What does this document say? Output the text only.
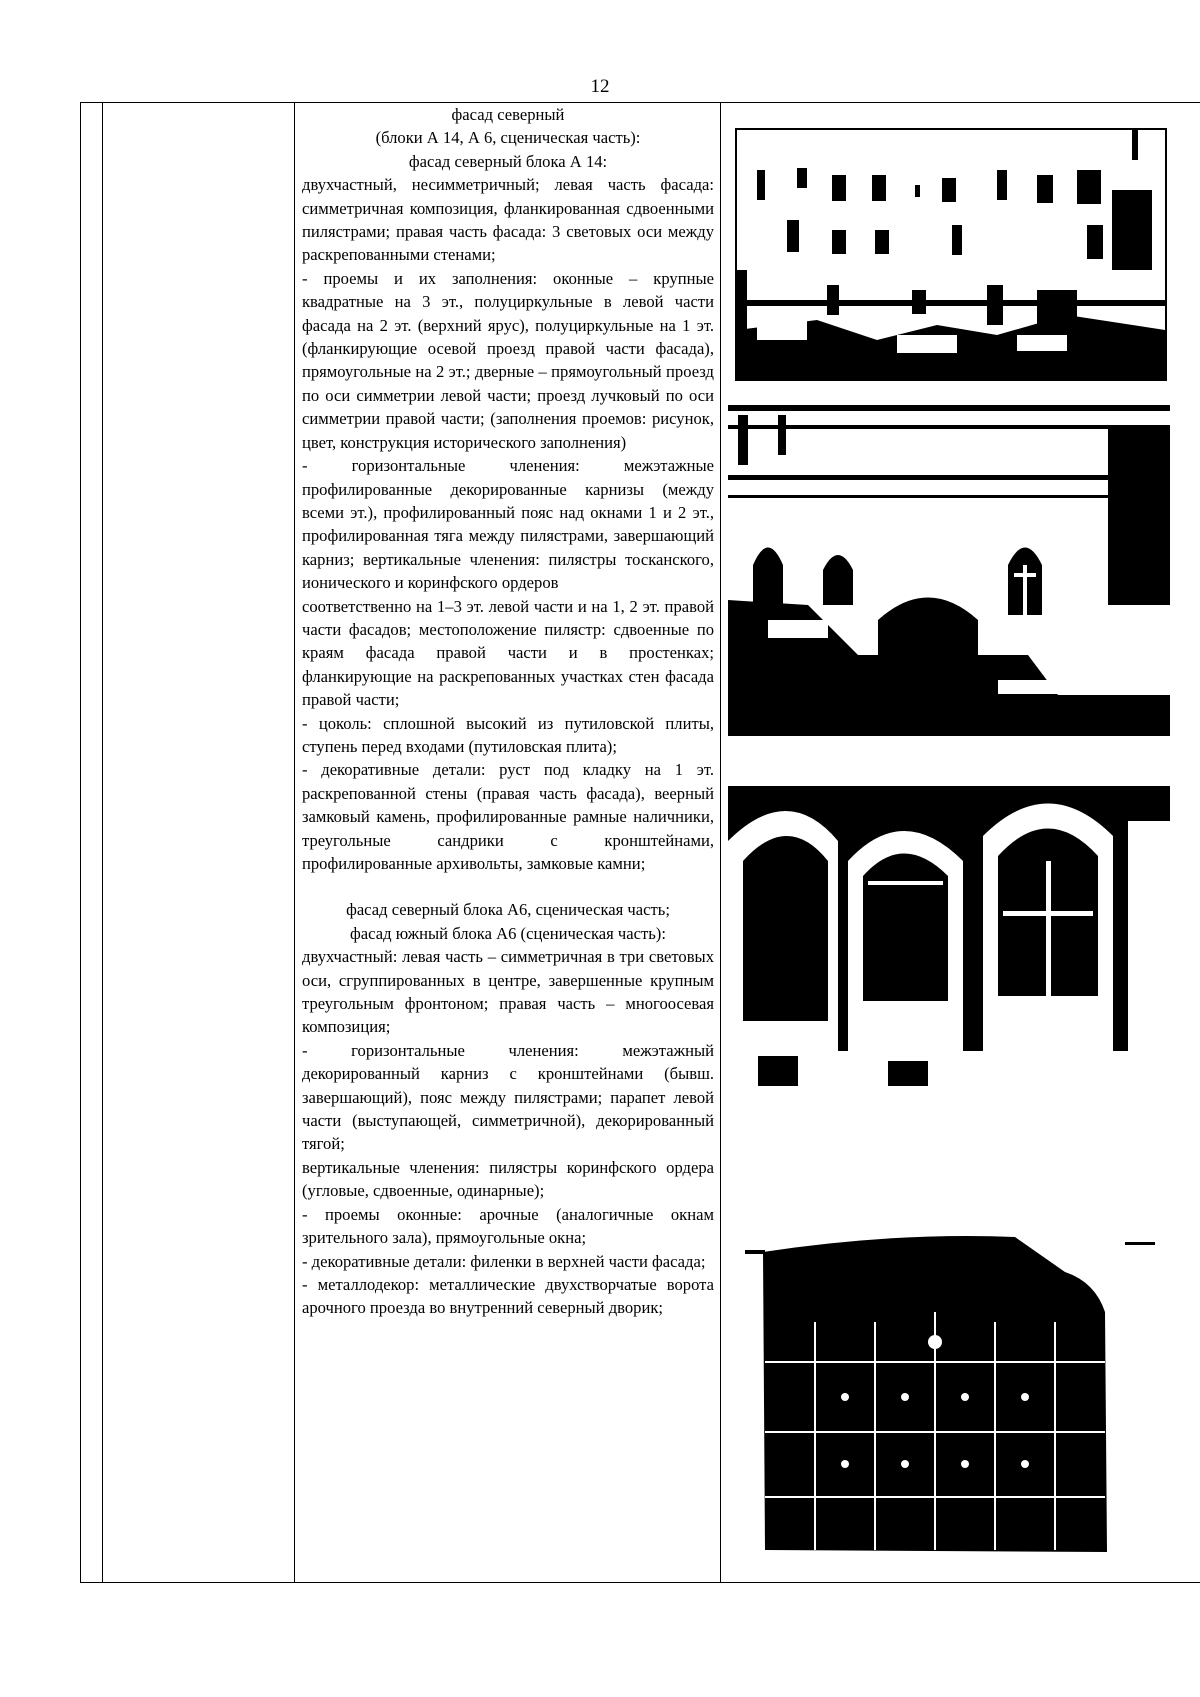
12

фасад северный

(блоки А 14, А 6, сценическая часть):

фасад северный блока А 14:

двухчастный, несимметричный; левая часть фасада: симметричная композиция, фланкированная сдвоенными пилястрами; правая часть фасада: 3 световых оси между раскрепованными стенами;

- проемы и их заполнения: оконные – крупные квадратные на 3 эт., полуциркульные в левой части фасада на 2 эт. (верхний ярус), полуциркульные на 1 эт. (фланкирующие осевой проезд правой части фасада), прямоугольные на 2 эт.; дверные – прямоугольный проезд по оси симметрии левой части; проезд лучковый по оси симметрии правой части; (заполнения проемов: рисунок, цвет, конструкция исторического заполнения)

- горизонтальные членения: межэтажные профилированные декорированные карнизы (между всеми эт.), профилированный пояс над окнами 1 и 2 эт., профилированная тяга между пилястрами, завершающий карниз; вертикальные членения: пилястры тосканского, ионического и коринфского ордеров

соответственно на 1–3 эт. левой части и на 1, 2 эт. правой части фасадов; местоположение пилястр: сдвоенные по краям фасада правой части и в простенках; фланкирующие на раскрепованных участках стен фасада правой части;

- цоколь: сплошной высокий из путиловской плиты, ступень перед входами (путиловская плита);

- декоративные детали: руст под кладку на 1 эт. раскрепованной стены (правая часть фасада), веерный замковый камень, профилированные рамные наличники, треугольные сандрики с кронштейнами, профилированные архивольты, замковые камни;

фасад северный блока А6, сценическая часть;

фасад южный блока А6 (сценическая часть):

двухчастный: левая часть – симметричная в три световых оси, сгруппированных в центре, завершенные крупным треугольным фронтоном; правая часть – многоосевая композиция;

- горизонтальные членения: межэтажный декорированный карниз с кронштейнами (бывш. завершающий), пояс между пилястрами; парапет левой части (выступающей, симметричной), декорированный тягой;

вертикальные членения: пилястры коринфского ордера (угловые, сдвоенные, одинарные);

- проемы оконные: арочные (аналогичные окнам зрительного зала), прямоугольные окна;

- декоративные детали: филенки в верхней части фасада;

- металлодекор: металлические двухстворчатые ворота арочного проезда во внутренний северный дворик;
